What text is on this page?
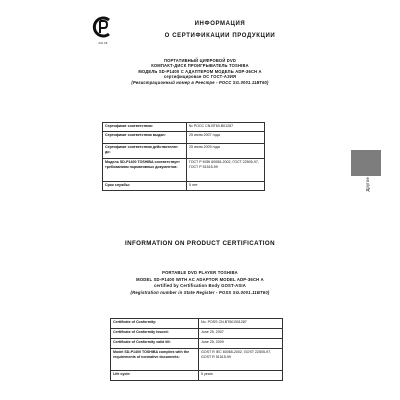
АЯ 46
ИНФОРМАЦИЯ
О СЕРТИФИКАЦИИ ПРОДУКЦИИ
ПОРТАТИВНЫЙ ЦИФРОВОЙ DVD
КОМПАКТ-ДИСК ПРОИГРЫВАТЕЛЬ TOSHIBA
МОДЕЛЬ SD-P1400 С АДАПТЕРОМ МОДЕЛЬ ADP-36CH A
сертифицирован ОС ГОСТ-АЗИЯ
(Регистрационный номер в Реестре - РОСС SG.0001.11ВТ60)
Сертификат соответствия:	№ РОСС CN.ВТ60.В01287
Сертификат соответствия выдан:	25 июня 2007 года
Сертификат соответствия действителен до:	25 июня 2009 года
Модель SD-P1400 TOSHIBA соответствует требованиям нормативных документов:	ГОСТ Р МЭК 60065-2002, ГОСТ 22505-97, ГОСТ Р 51515-99
Срок службы:	5 лет
INFORMATION ON PRODUCT CERTIFICATION
PORTABLE DVD PLAYER TOSHIBA
MODEL SD-P1400 WITH AC ADAPTOR MODEL ADP-36CH A
certified by Certification Body GOST-ASIA
(Registration number in State Register - POSS SG.0001.11BT60)
Certificate of Conformity:	No. POSS CN.BT60.B01287
Certificate of Conformity issued:	June 25, 2007
Certificate of Conformity valid till:	June 25, 2009
Model SD-P1400 TOSHIBA complies with the requirements of normative documents:	GOST R IEC 60065-2002, GOST 22505-97, GOST R 51515-99
Life cycle:	5 years
Другое
